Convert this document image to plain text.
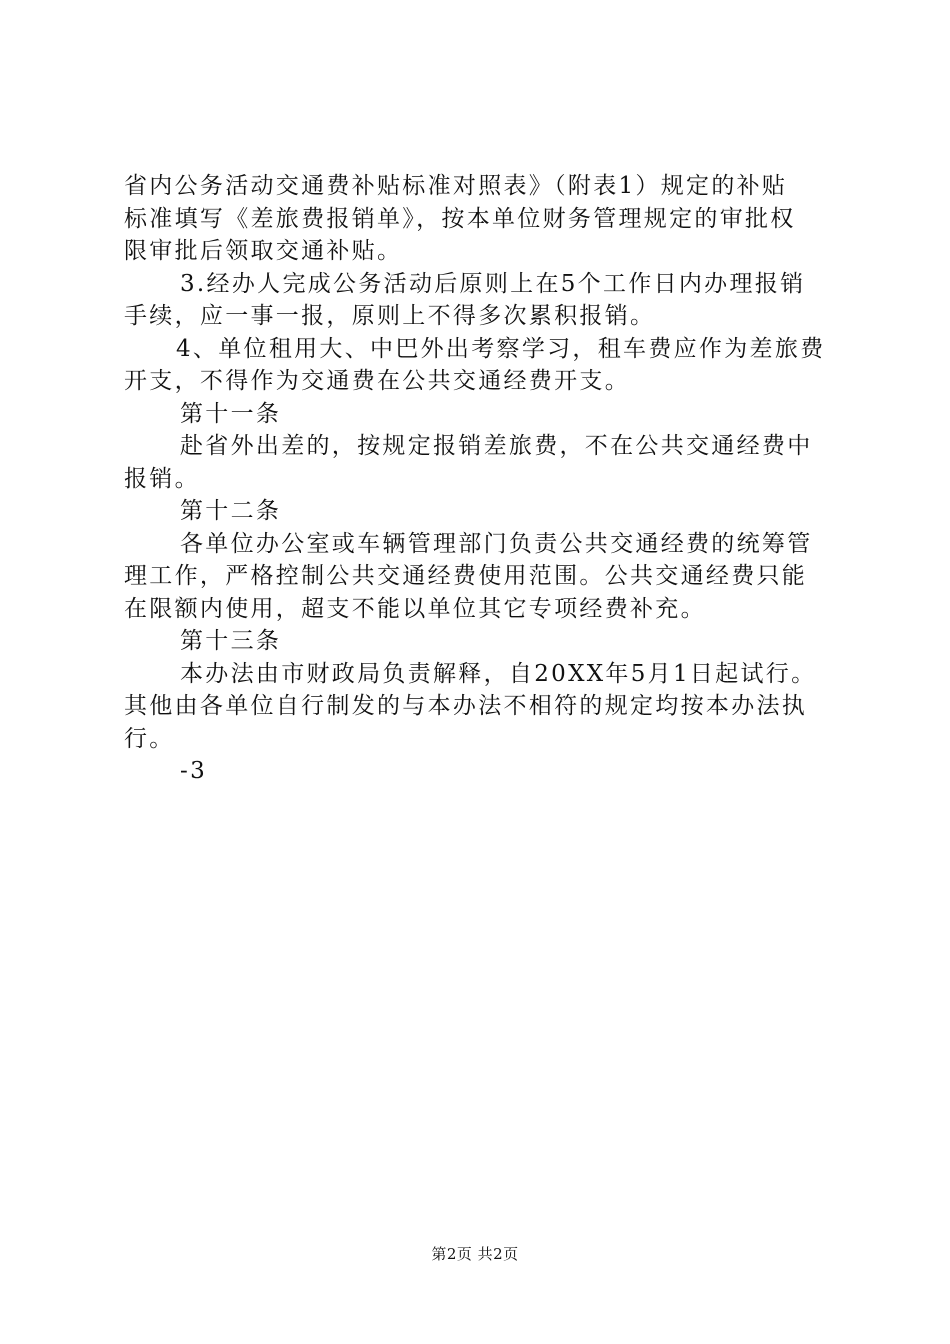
省内公务活动交通费补贴标准对照表》（附表1）规定的补贴
标准填写《差旅费报销单》，按本单位财务管理规定的审批权
限审批后领取交通补贴。
3.经办人完成公务活动后原则上在5个工作日内办理报销
手续，应一事一报，原则上不得多次累积报销。
4、单位租用大、中巴外出考察学习，租车费应作为差旅费
开支，不得作为交通费在公共交通经费开支。
第十一条
赴省外出差的，按规定报销差旅费，不在公共交通经费中
报销。
第十二条
各单位办公室或车辆管理部门负责公共交通经费的统筹管
理工作，严格控制公共交通经费使用范围。公共交通经费只能
在限额内使用，超支不能以单位其它专项经费补充。
第十三条
本办法由市财政局负责解释，自20XX年5月1日起试行。
其他由各单位自行制发的与本办法不相符的规定均按本办法执
行。
-3
第2页 共2页
